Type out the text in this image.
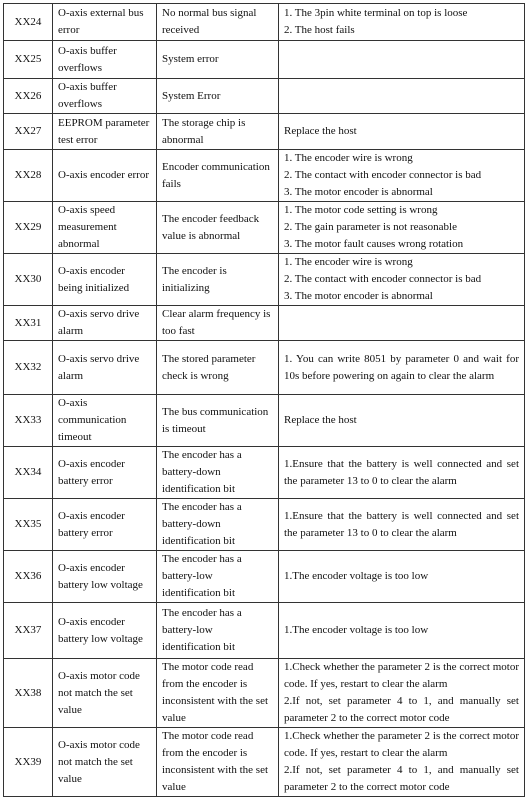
XX24	O-axis external bus error	No normal bus signal received	1. The 3pin white terminal on top is loose
2. The host fails

XX25	O-axis buffer overflows	System error	
XX26	O-axis buffer overflows	System Error	
XX27	EEPROM parameter test error	The storage chip is abnormal	Replace the host

XX28	O-axis encoder error	Encoder communication fails	1. The encoder wire is wrong
2. The contact with encoder connector is bad
3. The motor encoder is abnormal

XX29	O-axis speed measurement abnormal	The encoder feedback value is abnormal	1. The motor code setting is wrong
2. The gain parameter is not reasonable
3. The motor fault causes wrong rotation

XX30	O-axis encoder being initialized	The encoder is initializing	1. The encoder wire is wrong
2. The contact with encoder connector is bad
3. The motor encoder is abnormal

XX31	O-axis servo drive alarm	Clear alarm frequency is too fast	
XX32	O-axis servo drive alarm	The stored parameter check is wrong	1. You can write 8051 by parameter 0 and wait for 10s before powering on again to clear the alarm

XX33	O-axis communication timeout	The bus communication is timeout	Replace the host

XX34	O-axis encoder battery error	The encoder has a battery-down identification bit	1.Ensure that the battery is well connected and set the parameter 13 to 0 to clear the alarm

XX35	O-axis encoder battery error	The encoder has a battery-down identification bit	1.Ensure that the battery is well connected and set the parameter 13 to 0 to clear the alarm

XX36	O-axis encoder battery low voltage	The encoder has a battery-low identification bit	1.The encoder voltage is too low

XX37	O-axis encoder battery low voltage	The encoder has a battery-low identification bit	1.The encoder voltage is too low

XX38	O-axis motor code not match the set value	The motor code read from the encoder is inconsistent with the set value	1.Check whether the parameter 2 is the correct motor code. If yes, restart to clear the alarm
2.If not, set parameter 4 to 1, and manually set parameter 2 to the correct motor code

XX39	O-axis motor code not match the set value	The motor code read from the encoder is inconsistent with the set value	1.Check whether the parameter 2 is the correct motor code. If yes, restart to clear the alarm
2.If not, set parameter 4 to 1, and manually set parameter 2 to the correct motor code
